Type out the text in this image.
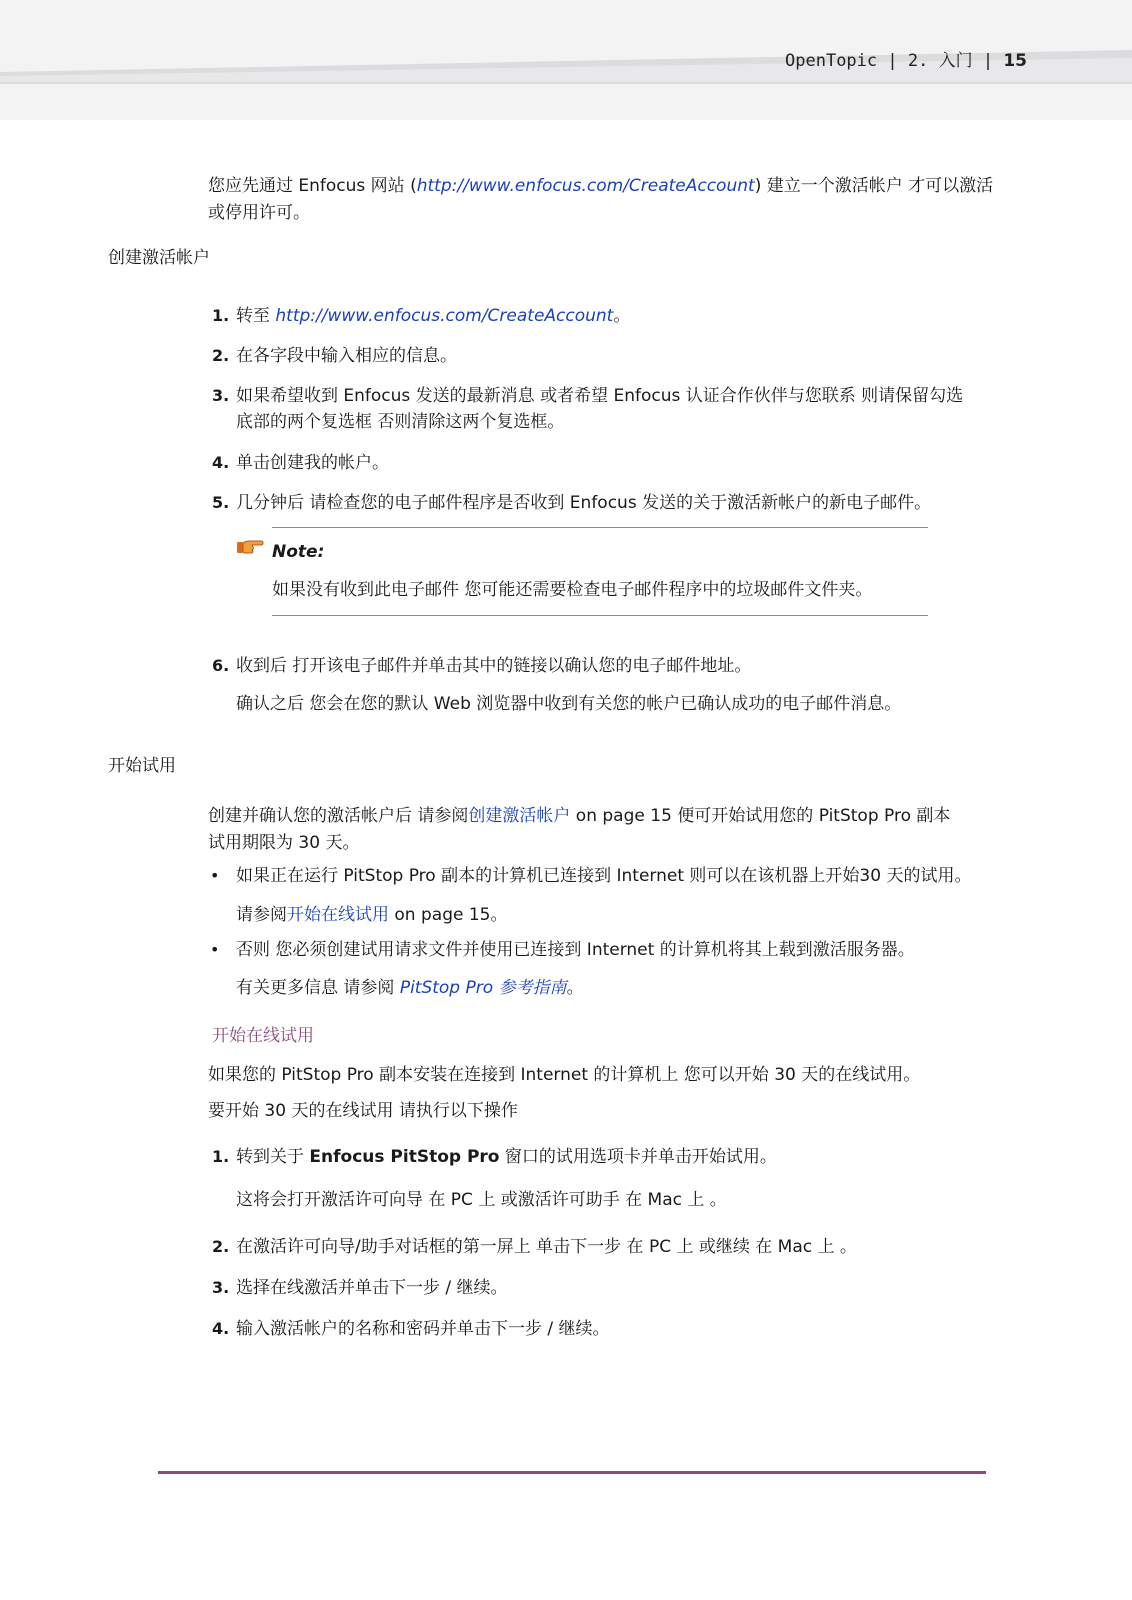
OpenTopic | 2. 入门 | 15

您应先通过 Enfocus 网站 (http://www.enfocus.com/CreateAccount) 建立一个激活帐户 才可以激活

或停用许可。

创建激活帐户
1. 转至 http://www.enfocus.com/CreateAccount。

2. 在各字段中输入相应的信息。

3. 如果希望收到 Enfocus 发送的最新消息 或者希望 Enfocus 认证合作伙伴与您联系 则请保留勾选

底部的两个复选框 否则清除这两个复选框。

4. 单击创建我的帐户。

5. 几分钟后 请检查您的电子邮件程序是否收到 Enfocus 发送的关于激活新帐户的新电子邮件。

Note:

如果没有收到此电子邮件 您可能还需要检查电子邮件程序中的垃圾邮件文件夹。

6. 收到后 打开该电子邮件并单击其中的链接以确认您的电子邮件地址。

确认之后 您会在您的默认 Web 浏览器中收到有关您的帐户已确认成功的电子邮件消息。

开始试用

创建并确认您的激活帐户后 请参阅创建激活帐户 on page 15 便可开始试用您的 PitStop Pro 副本

试用期限为 30 天。

• 如果正在运行 PitStop Pro 副本的计算机已连接到 Internet 则可以在该机器上开始30 天的试用。

请参阅开始在线试用 on page 15。

• 否则 您必须创建试用请求文件并使用已连接到 Internet 的计算机将其上载到激活服务器。

有关更多信息 请参阅 PitStop Pro 参考指南。

开始在线试用

如果您的 PitStop Pro 副本安装在连接到 Internet 的计算机上 您可以开始 30 天的在线试用。

要开始 30 天的在线试用 请执行以下操作

1. 转到关于 Enfocus PitStop Pro 窗口的试用选项卡并单击开始试用。

这将会打开激活许可向导 在 PC 上 或激活许可助手 在 Mac 上 。

2. 在激活许可向导/助手对话框的第一屏上 单击下一步 在 PC 上 或继续 在 Mac 上 。

3. 选择在线激活并单击下一步 / 继续。

4. 输入激活帐户的名称和密码并单击下一步 / 继续。
